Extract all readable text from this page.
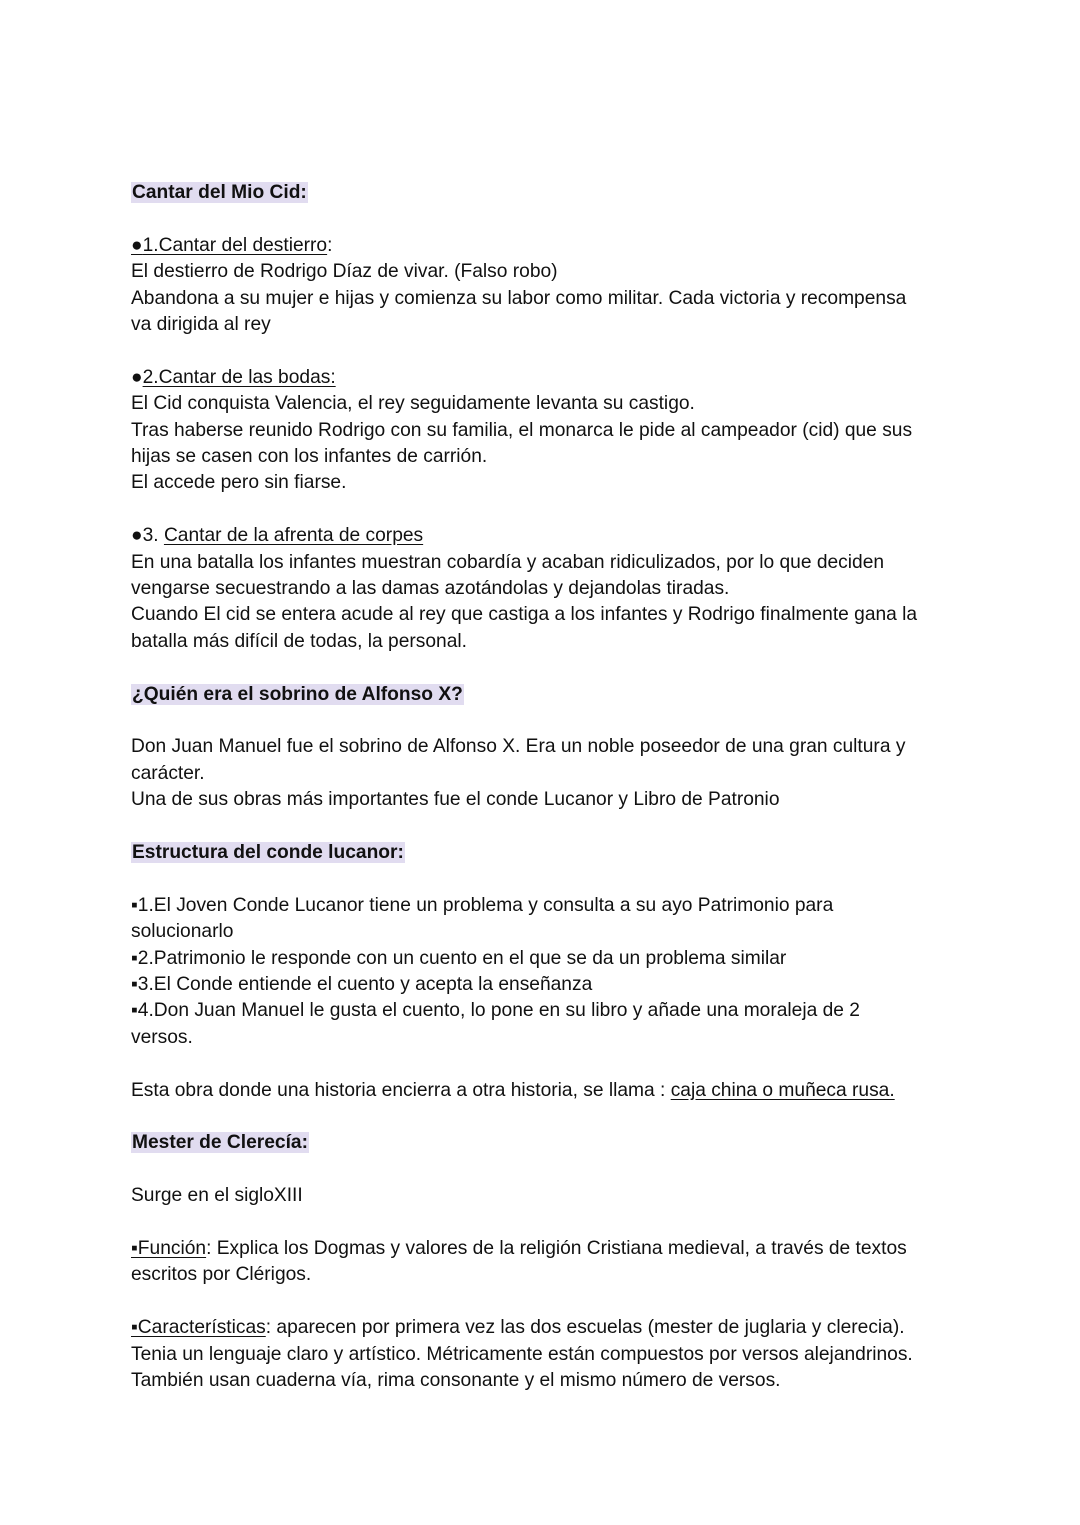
Cantar del Mio Cid:

●1.Cantar del destierro:

El destierro de Rodrigo Díaz de vivar. (Falso robo)

Abandona a su mujer e hijas y comienza su labor como militar. Cada victoria y recompensa

va dirigida al rey

●2.Cantar de las bodas:

El Cid conquista Valencia, el rey seguidamente levanta su castigo.

Tras haberse reunido Rodrigo con su familia, el monarca le pide al campeador (cid) que sus

hijas se casen con los infantes de carrión.

El accede pero sin fiarse.

●3. Cantar de la afrenta de corpes

En una batalla los infantes muestran cobardía y acaban ridiculizados, por lo que deciden

vengarse secuestrando a las damas azotándolas y dejandolas tiradas.

Cuando El cid se entera acude al rey que castiga a los infantes y Rodrigo finalmente gana la

batalla más difícil de todas, la personal.

¿Quién era el sobrino de Alfonso X?

Don Juan Manuel fue el sobrino de Alfonso X. Era un noble poseedor de una gran cultura y

carácter.

Una de sus obras más importantes fue el conde Lucanor y Libro de Patronio

Estructura del conde lucanor:

▪1.El Joven Conde Lucanor tiene un problema y consulta a su ayo Patrimonio para

solucionarlo

▪2.Patrimonio le responde con un cuento en el que se da un problema similar

▪3.El Conde entiende el cuento y acepta la enseñanza

▪4.Don Juan Manuel le gusta el cuento, lo pone en su libro y añade una moraleja de 2

versos.

Esta obra donde una historia encierra a otra historia, se llama : caja china o muñeca rusa.

Mester de Clerecía:

Surge en el sigloXIII

▪Función: Explica los Dogmas y valores de la religión Cristiana medieval, a través de textos

escritos por Clérigos.

▪Características: aparecen por primera vez las dos escuelas (mester de juglaria y clerecia).

Tenia un lenguaje claro y artístico. Métricamente están compuestos por versos alejandrinos.

También usan cuaderna vía, rima consonante y el mismo número de versos.
